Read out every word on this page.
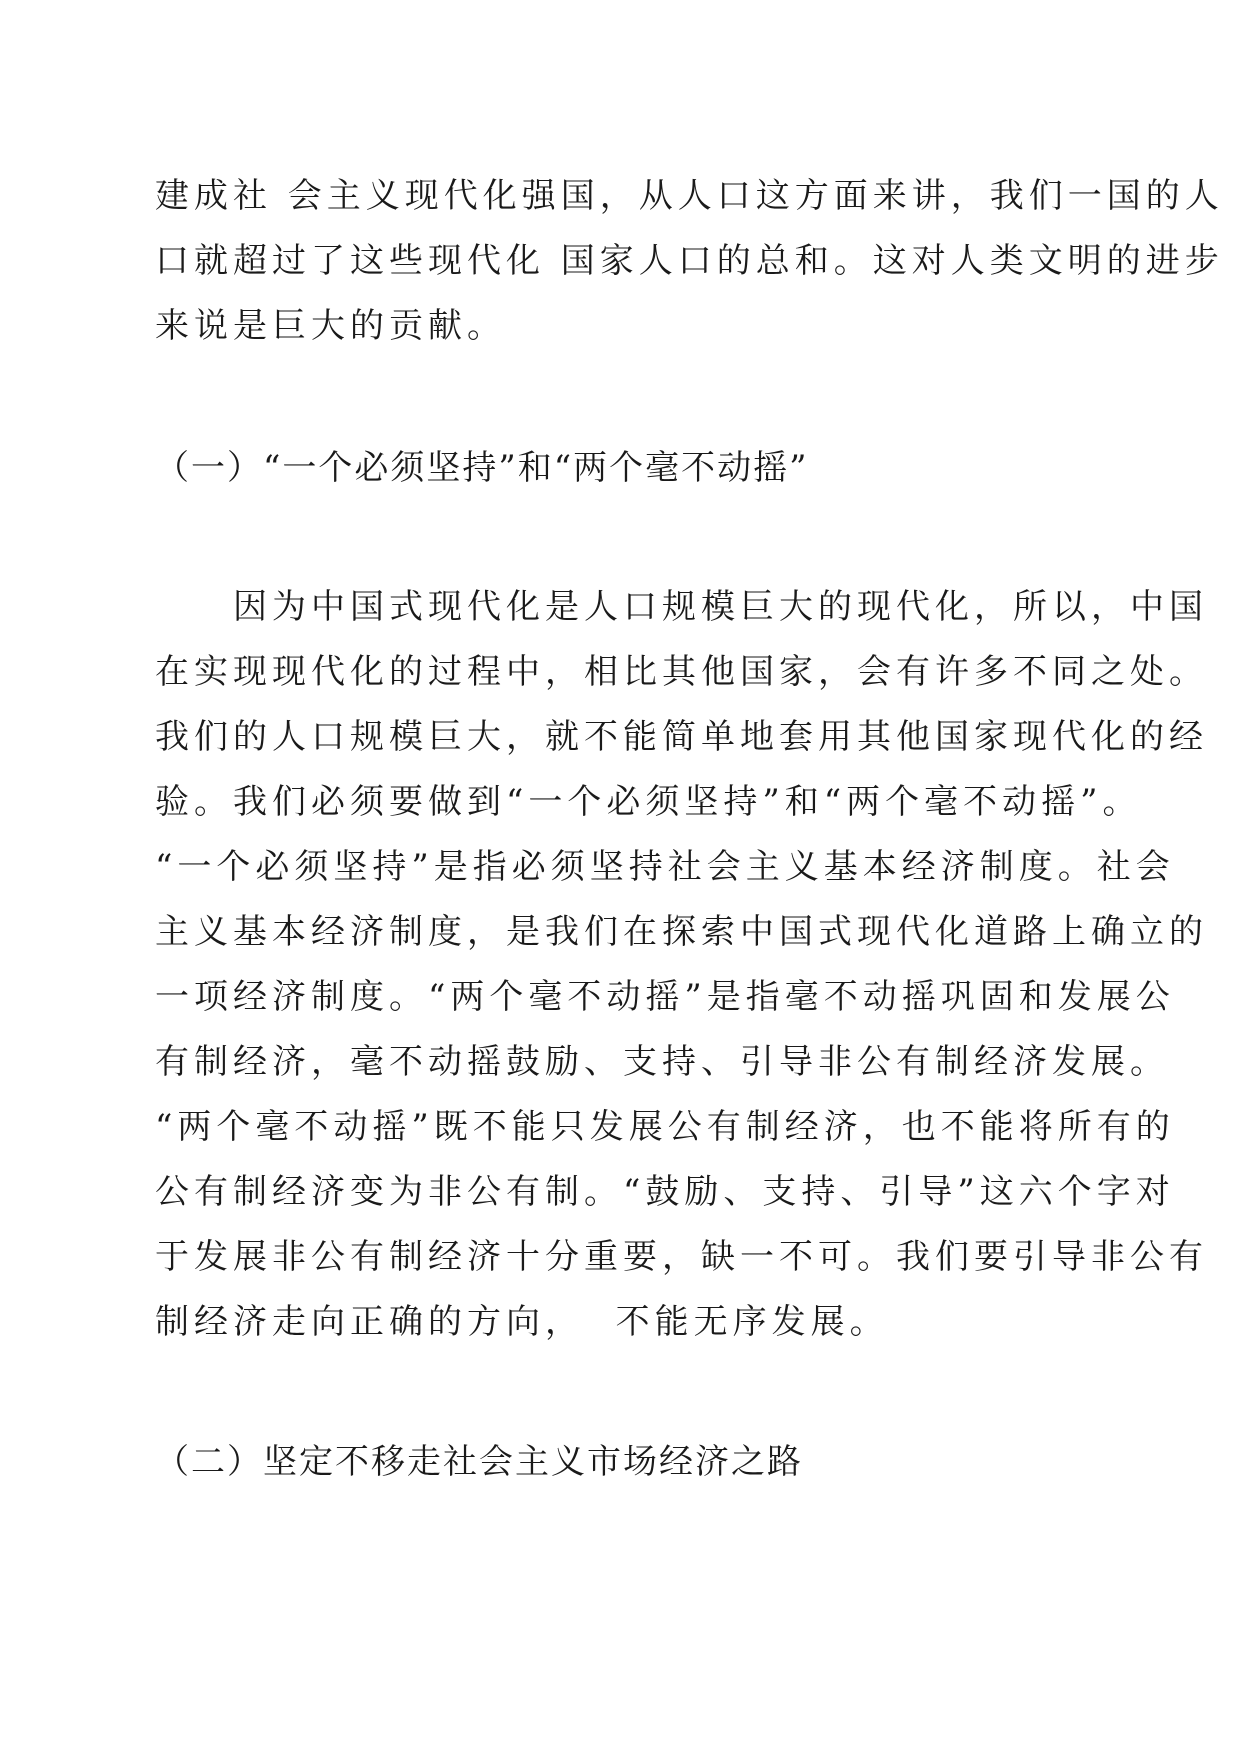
建成社 会主义现代化强国，从人口这方面来讲，我们一国的人

口就超过了这些现代化 国家人口的总和。这对人类文明的进步

来说是巨大的贡献。

（一）“一个必须坚持”和“两个毫不动摇”

　　因为中国式现代化是人口规模巨大的现代化，所以，中国

在实现现代化的过程中，相比其他国家，会有许多不同之处。

我们的人口规模巨大，就不能简单地套用其他国家现代化的经

验。我们必须要做到“一个必须坚持”和“两个毫不动摇”。

“一个必须坚持”是指必须坚持社会主义基本经济制度。社会

主义基本经济制度，是我们在探索中国式现代化道路上确立的

一项经济制度。“两个毫不动摇”是指毫不动摇巩固和发展公

有制经济，毫不动摇鼓励、支持、引导非公有制经济发展。

“两个毫不动摇”既不能只发展公有制经济，也不能将所有的

公有制经济变为非公有制。“鼓励、支持、引导”这六个字对

于发展非公有制经济十分重要，缺一不可。我们要引导非公有

制经济走向正确的方向，  不能无序发展。

（二）坚定不移走社会主义市场经济之路
